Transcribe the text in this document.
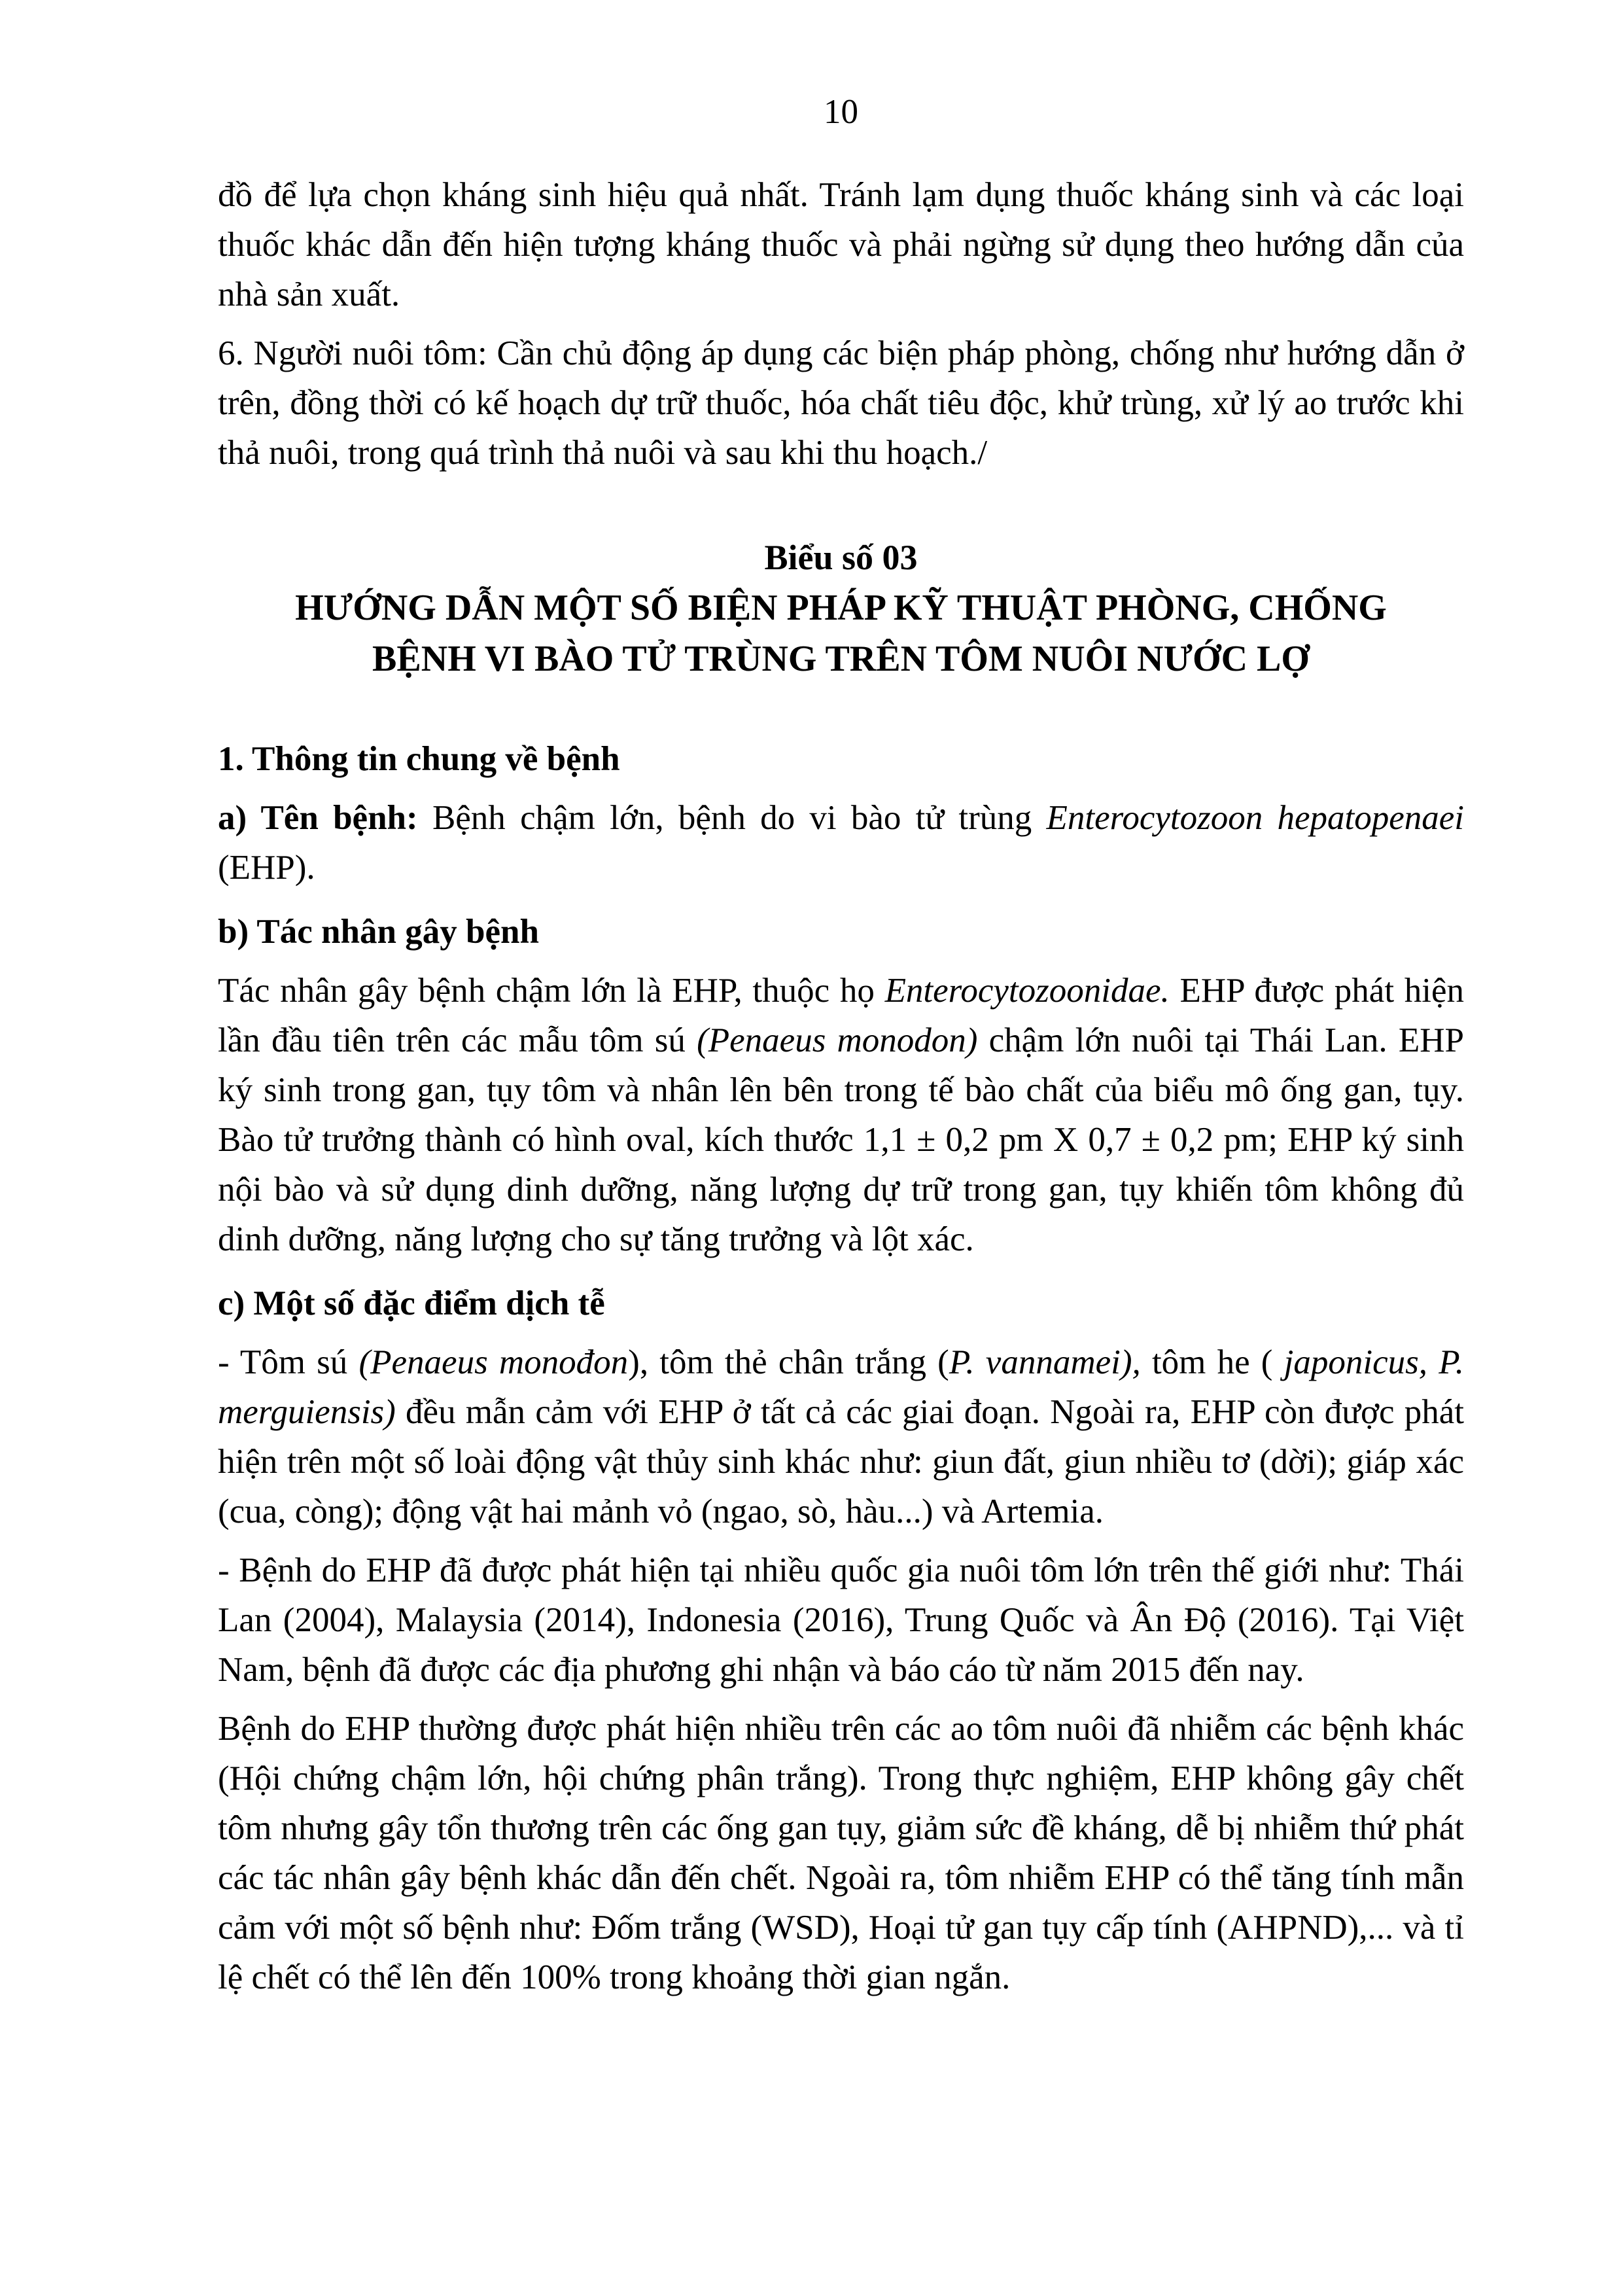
10

đồ để lựa chọn kháng sinh hiệu quả nhất. Tránh lạm dụng thuốc kháng sinh và các loại thuốc khác dẫn đến hiện tượng kháng thuốc và phải ngừng sử dụng theo hướng dẫn của nhà sản xuất.

6. Người nuôi tôm: Cần chủ động áp dụng các biện pháp phòng, chống như hướng dẫn ở trên, đồng thời có kế hoạch dự trữ thuốc, hóa chất tiêu độc, khử trùng, xử lý ao trước khi thả nuôi, trong quá trình thả nuôi và sau khi thu hoạch./

Biểu số 03
HƯỚNG DẪN MỘT SỐ BIỆN PHÁP KỸ THUẬT PHÒNG, CHỐNG
BỆNH VI BÀO TỬ TRÙNG TRÊN TÔM NUÔI NƯỚC LỢ
1. Thông tin chung về bệnh

a) Tên bệnh: Bệnh chậm lớn, bệnh do vi bào tử trùng Enterocytozoon hepatopenaei (EHP).

b) Tác nhân gây bệnh

Tác nhân gây bệnh chậm lớn là EHP, thuộc họ Enterocytozoonidae. EHP được phát hiện lần đầu tiên trên các mẫu tôm sú (Penaeus monodon) chậm lớn nuôi tại Thái Lan. EHP ký sinh trong gan, tụy tôm và nhân lên bên trong tế bào chất của biểu mô ống gan, tụy. Bào tử trưởng thành có hình oval, kích thước 1,1 ± 0,2 pm X 0,7 ± 0,2 pm; EHP ký sinh nội bào và sử dụng dinh dưỡng, năng lượng dự trữ trong gan, tụy khiến tôm không đủ dinh dưỡng, năng lượng cho sự tăng trưởng và lột xác.

c) Một số đặc điểm dịch tễ

- Tôm sú (Penaeus monođon), tôm thẻ chân trắng (P. vannamei), tôm he ( japonicus, P. merguiensis) đều mẫn cảm với EHP ở tất cả các giai đoạn. Ngoài ra, EHP còn được phát hiện trên một số loài động vật thủy sinh khác như: giun đất, giun nhiều tơ (dời); giáp xác (cua, còng); động vật hai mảnh vỏ (ngao, sò, hàu...) và Artemia.

- Bệnh do EHP đã được phát hiện tại nhiều quốc gia nuôi tôm lớn trên thế giới như: Thái Lan (2004), Malaysia (2014), Indonesia (2016), Trung Quốc và Ân Độ (2016). Tại Việt Nam, bệnh đã được các địa phương ghi nhận và báo cáo từ năm 2015 đến nay.

Bệnh do EHP thường được phát hiện nhiều trên các ao tôm nuôi đã nhiễm các bệnh khác (Hội chứng chậm lớn, hội chứng phân trắng). Trong thực nghiệm, EHP không gây chết tôm nhưng gây tổn thương trên các ống gan tụy, giảm sức đề kháng, dễ bị nhiễm thứ phát các tác nhân gây bệnh khác dẫn đến chết. Ngoài ra, tôm nhiễm EHP có thể tăng tính mẫn cảm với một số bệnh như: Đốm trắng (WSD), Hoại tử gan tụy cấp tính (AHPND),... và tỉ lệ chết có thể lên đến 100% trong khoảng thời gian ngắn.
